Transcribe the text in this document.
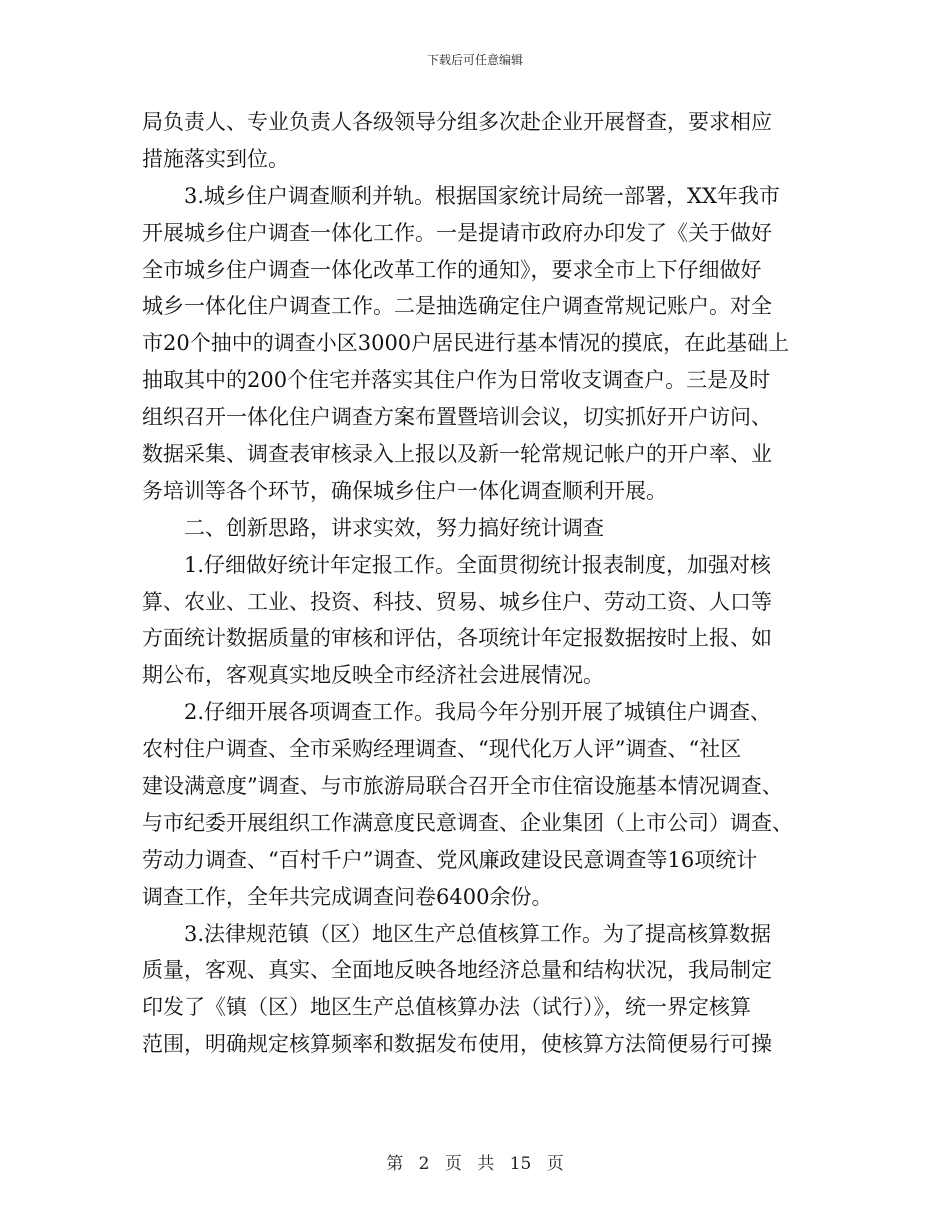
下载后可任意编辑
局负责人、专业负责人各级领导分组多次赴企业开展督查，要求相应
措施落实到位。
3.城乡住户调查顺利并轨。根据国家统计局统一部署，XX年我市
开展城乡住户调查一体化工作。一是提请市政府办印发了《关于做好
全市城乡住户调查一体化改革工作的通知》，要求全市上下仔细做好
城乡一体化住户调查工作。二是抽选确定住户调查常规记账户。对全
市20个抽中的调查小区3000户居民进行基本情况的摸底，在此基础上
抽取其中的200个住宅并落实其住户作为日常收支调查户。三是及时
组织召开一体化住户调查方案布置暨培训会议，切实抓好开户访问、
数据采集、调查表审核录入上报以及新一轮常规记帐户的开户率、业
务培训等各个环节，确保城乡住户一体化调查顺利开展。
二、创新思路，讲求实效，努力搞好统计调查
1.仔细做好统计年定报工作。全面贯彻统计报表制度，加强对核
算、农业、工业、投资、科技、贸易、城乡住户、劳动工资、人口等
方面统计数据质量的审核和评估，各项统计年定报数据按时上报、如
期公布，客观真实地反映全市经济社会进展情况。
2.仔细开展各项调查工作。我局今年分别开展了城镇住户调查、
农村住户调查、全市采购经理调查、“现代化万人评”调查、“社区
建设满意度”调查、与市旅游局联合召开全市住宿设施基本情况调查、
与市纪委开展组织工作满意度民意调查、企业集团（上市公司）调查、
劳动力调查、“百村千户”调查、党风廉政建设民意调查等16项统计
调查工作，全年共完成调查问卷6400余份。
3.法律规范镇（区）地区生产总值核算工作。为了提高核算数据
质量，客观、真实、全面地反映各地经济总量和结构状况，我局制定
印发了《镇（区）地区生产总值核算办法（试行）》，统一界定核算
范围，明确规定核算频率和数据发布使用，使核算方法简便易行可操
第 2 页 共 15 页
